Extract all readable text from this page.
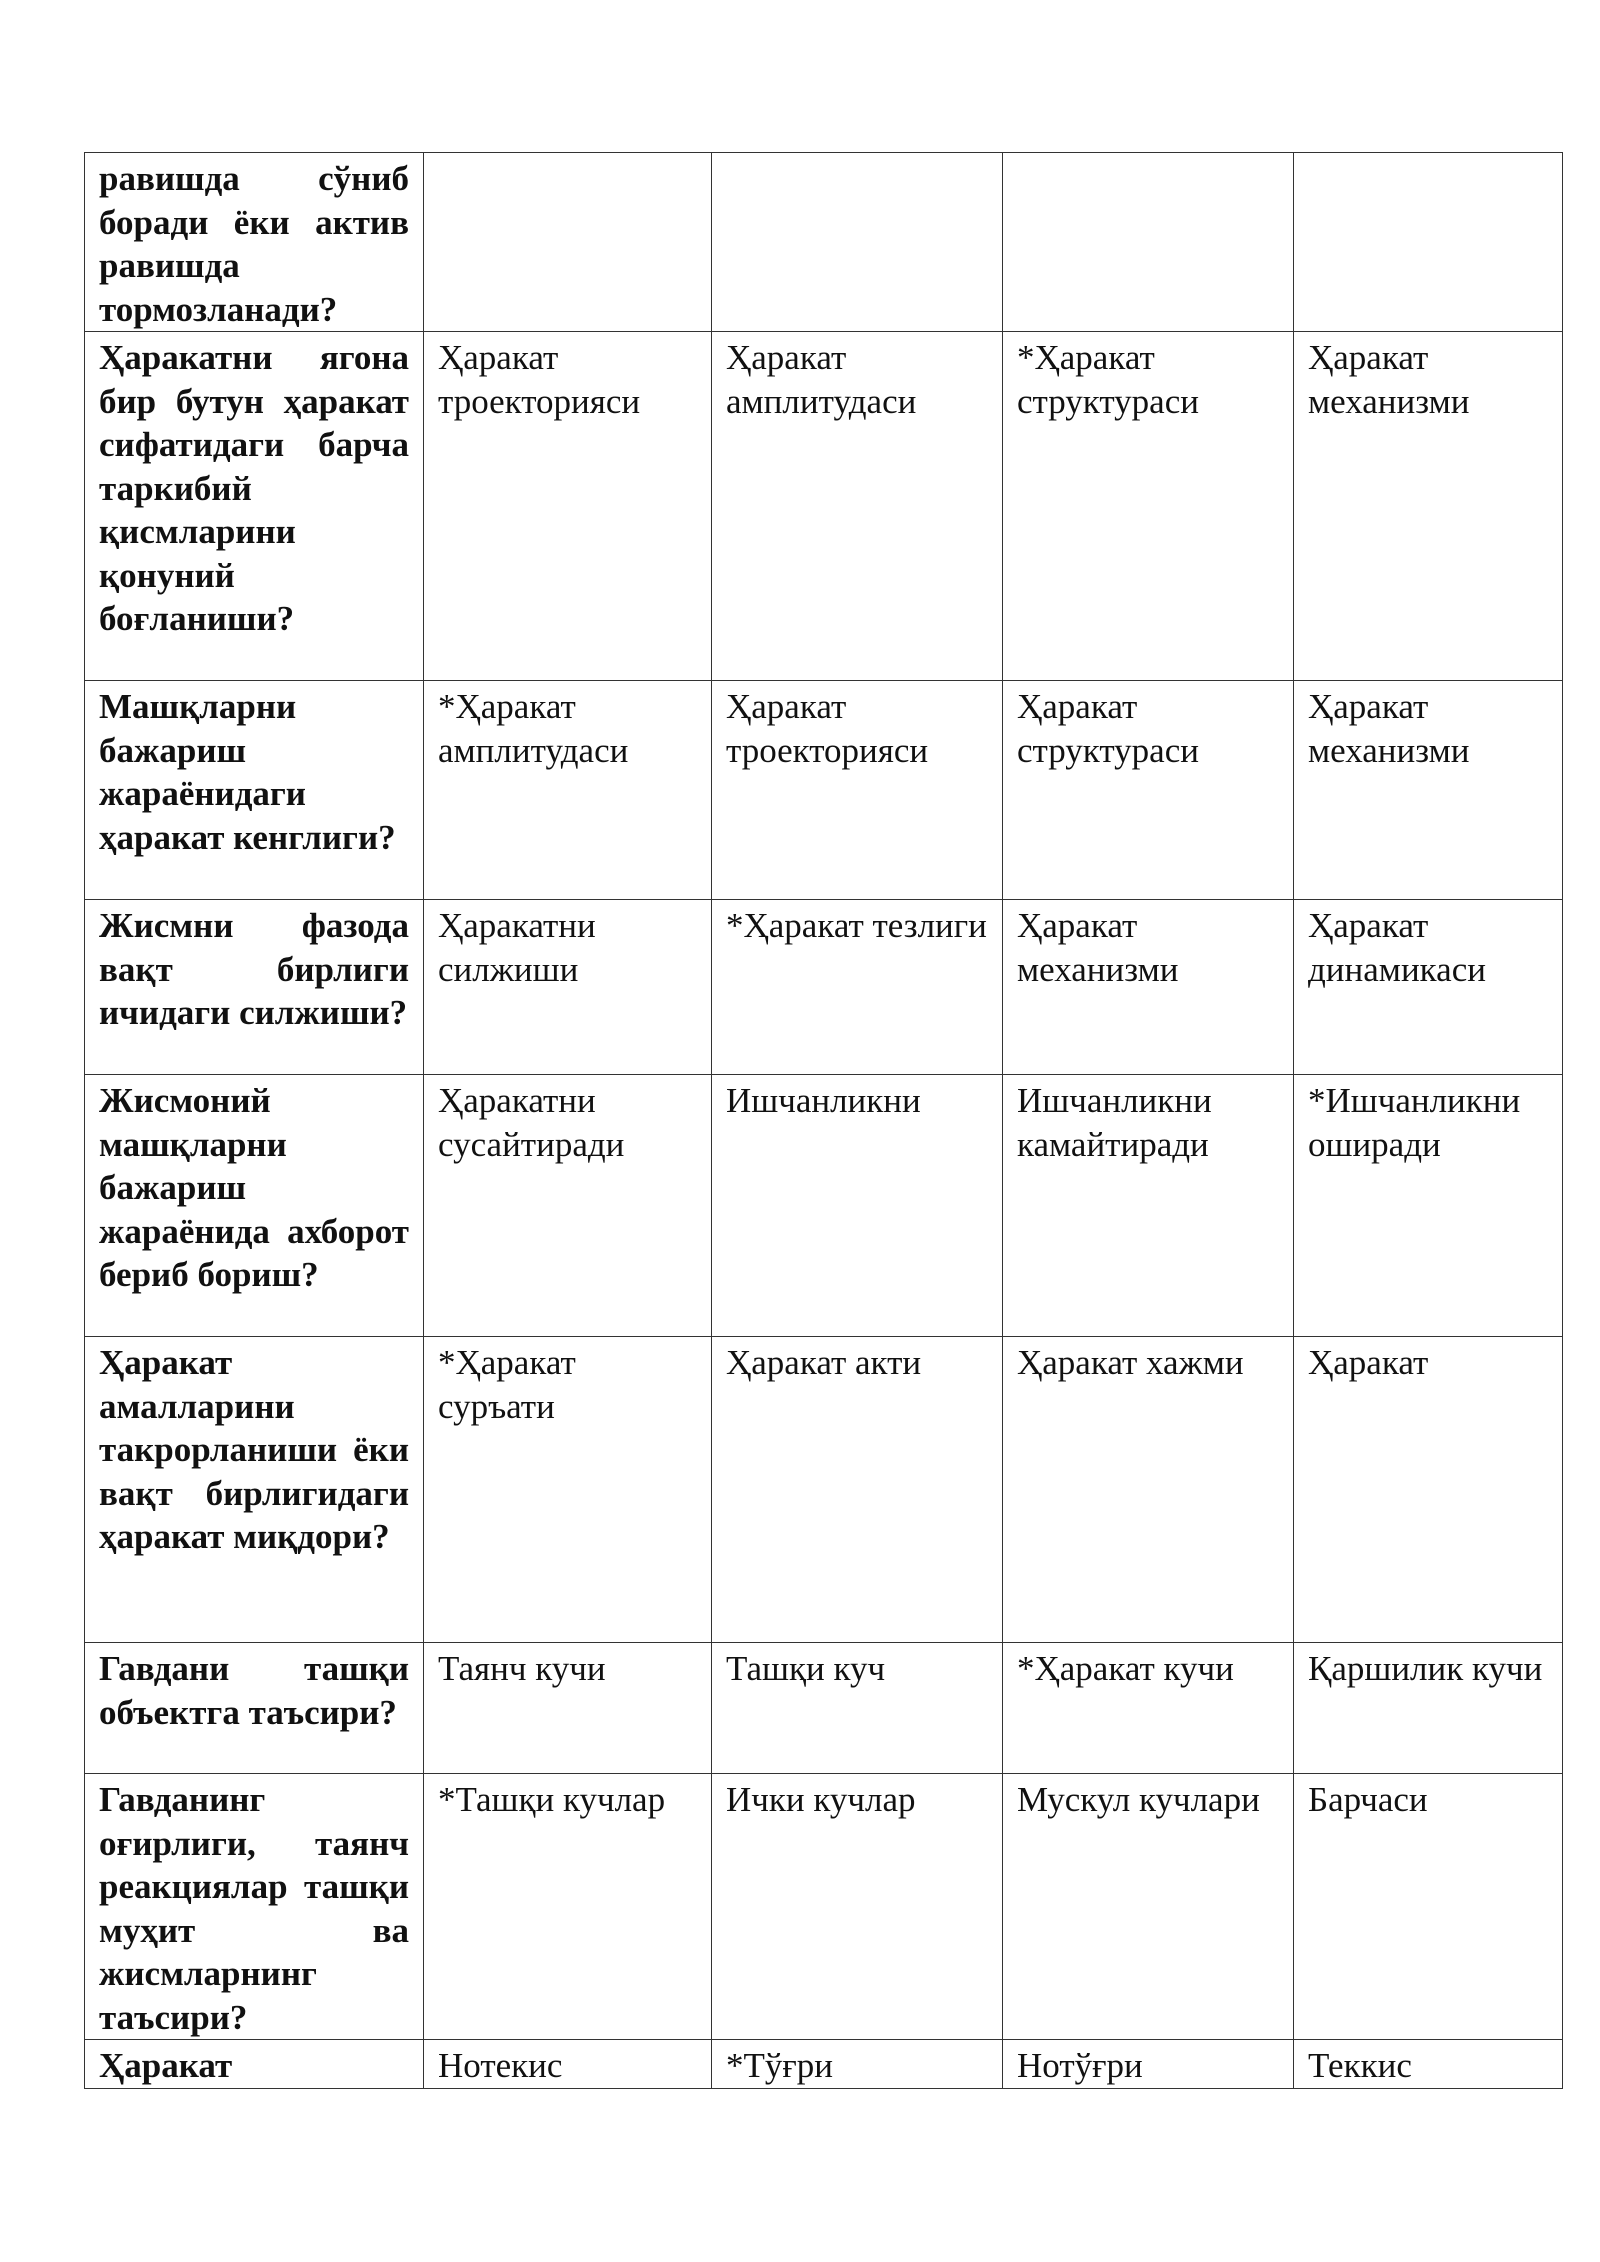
равишда сўниб боради ёки актив равишда тормозланади?				
Ҳаракатни ягона бир бутун ҳаракат сифатидаги барча таркибий қисмларини қонуний боғланиши?	Ҳаракат троекторияси	Ҳаракат амплитудаси	*Ҳаракат структураси	Ҳаракат механизми
Машқларни бажариш жараёнидаги ҳаракат кенглиги?	*Ҳаракат амплитудаси	Ҳаракат троекторияси	Ҳаракат структураси	Ҳаракат механизми
Жисмни фазода вақт бирлиги ичидаги силжиши?	Ҳаракатни силжиши	*Ҳаракат тезлиги	Ҳаракат механизми	Ҳаракат динамикаси
Жисмоний машқларни бажариш жараёнида ахборот бериб бориш?	Ҳаракатни сусайтиради	Ишчанликни	Ишчанликни камайтиради	*Ишчанликни оширади
Ҳаракат амалларини такрорланиши ёки вақт бирлигидаги ҳаракат миқдори?	*Ҳаракат суръати	Ҳаракат акти	Ҳаракат хажми	Ҳаракат
Гавдани ташқи объектга таъсири?	Таянч кучи	Ташқи куч	*Ҳаракат кучи	Қаршилик кучи
Гавданинг оғирлиги, таянч реакциялар ташқи муҳит ва жисмларнинг таъсири?	*Ташқи кучлар	Ички кучлар	Мускул кучлари	Барчаси
Ҳаракат	Нотекис	*Тўғри	Нотўғри	Теккис
